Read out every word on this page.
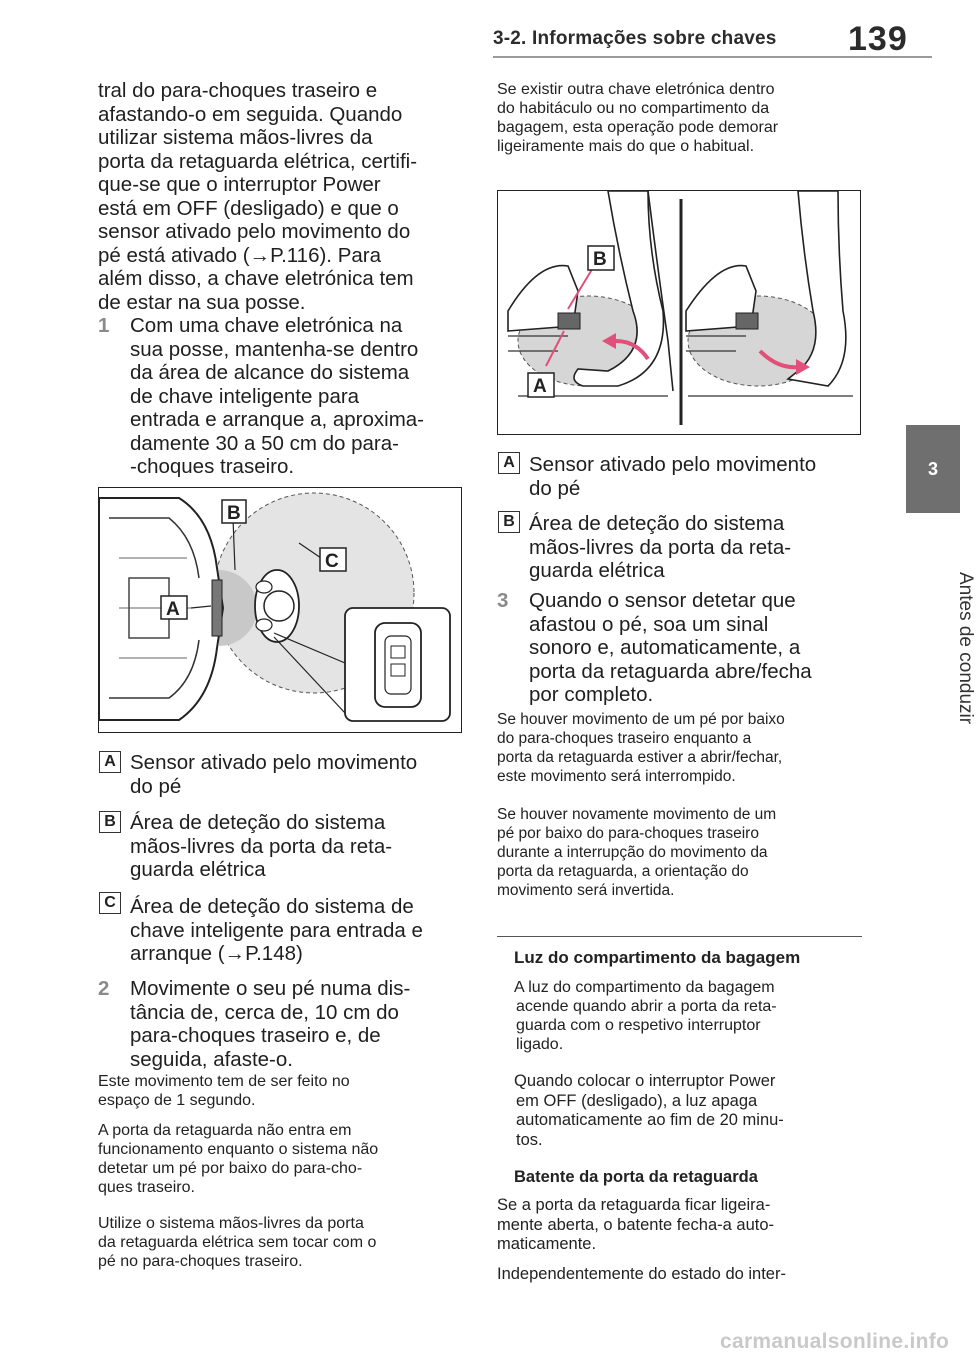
3-2. Informações sobre chaves 139
3
Antes de conduzir
tral do para-choques traseiro e
afastando-o em seguida. Quando
utilizar sistema mãos-livres da
porta da retaguarda elétrica, certifi-
que-se que o interruptor Power
está em OFF (desligado) e que o
sensor ativado pelo movimento do
pé está ativado (→P.116). Para
além disso, a chave eletrónica tem
de estar na sua posse.
1 Com uma chave eletrónica na
sua posse, mantenha-se dentro
da área de alcance do sistema
de chave inteligente para
entrada e arranque a, aproxima-
damente 30 a 50 cm do para-
-choques traseiro.
B
C
A
A Sensor ativado pelo movimento
do pé
B Área de deteção do sistema
mãos-livres da porta da reta-
guarda elétrica
C Área de deteção do sistema de
chave inteligente para entrada e
arranque (→P.148)
2 Movimente o seu pé numa dis-
tância de, cerca de, 10 cm do
para-choques traseiro e, de
seguida, afaste-o.
Este movimento tem de ser feito no
espaço de 1 segundo.
A porta da retaguarda não entra em
funcionamento enquanto o sistema não
detetar um pé por baixo do para-cho-
ques traseiro.
Utilize o sistema mãos-livres da porta
da retaguarda elétrica sem tocar com o
pé no para-choques traseiro.
Se existir outra chave eletrónica dentro
do habitáculo ou no compartimento da
bagagem, esta operação pode demorar
ligeiramente mais do que o habitual.
B
A
A Sensor ativado pelo movimento
do pé
B Área de deteção do sistema
mãos-livres da porta da reta-
guarda elétrica
3 Quando o sensor detetar que
afastou o pé, soa um sinal
sonoro e, automaticamente, a
porta da retaguarda abre/fecha
por completo.
Se houver movimento de um pé por baixo
do para-choques traseiro enquanto a
porta da retaguarda estiver a abrir/fechar,
este movimento será interrompido.
Se houver novamente movimento de um
pé por baixo do para-choques traseiro
durante a interrupção do movimento da
porta da retaguarda, a orientação do
movimento será invertida.
Luz do compartimento da bagagem
A luz do compartimento da bagagem
acende quando abrir a porta da reta-
guarda com o respetivo interruptor
ligado.
Quando colocar o interruptor Power
em OFF (desligado), a luz apaga
automaticamente ao fim de 20 minu-
tos.
Batente da porta da retaguarda
Se a porta da retaguarda ficar ligeira-
mente aberta, o batente fecha-a auto-
maticamente.
Independentemente do estado do inter-
carmanualsonline.info
